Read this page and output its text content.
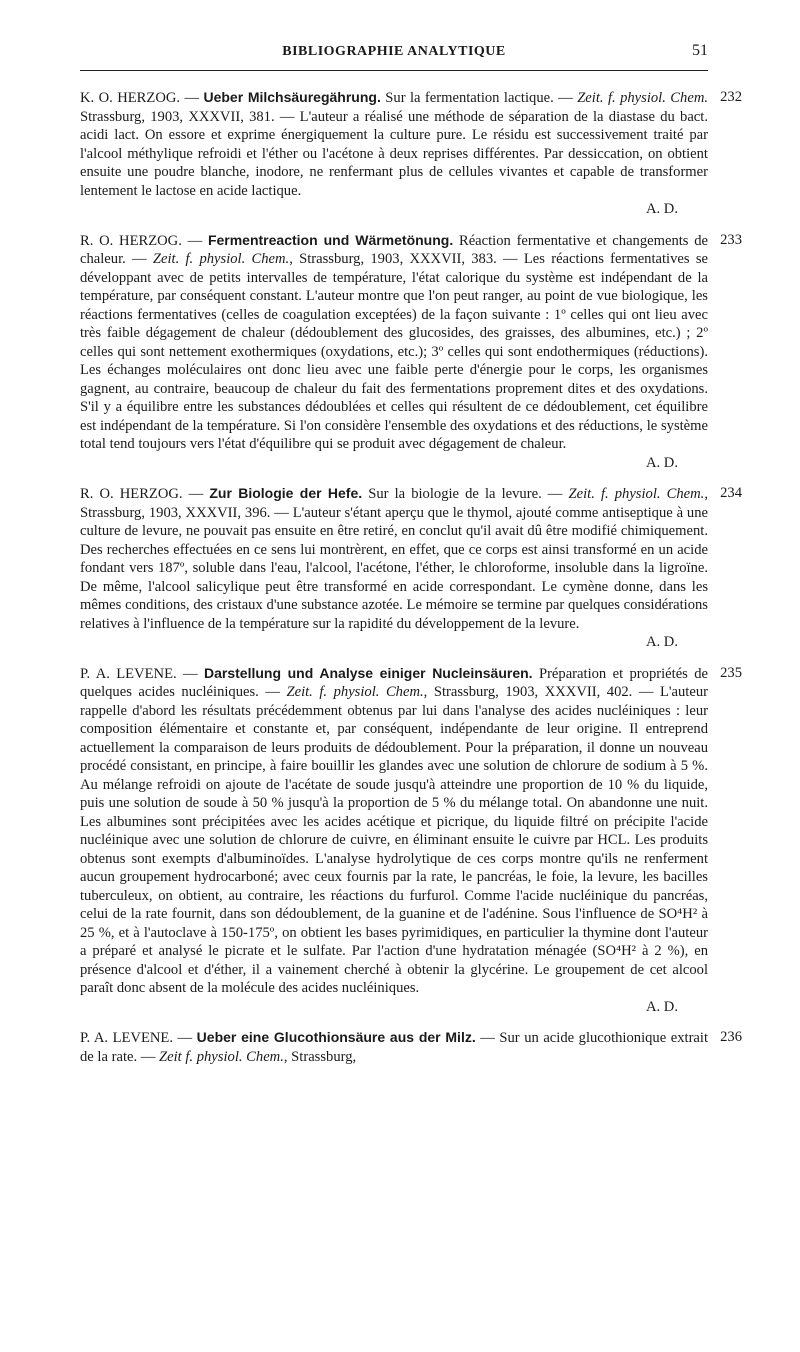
BIBLIOGRAPHIE ANALYTIQUE	51

232
K. O. HERZOG. — Ueber Milchsäuregährung. Sur la fermentation lactique. — Zeit. f. physiol. Chem. Strassburg, 1903, XXXVII, 381. — L'auteur a réalisé une méthode de séparation de la diastase du bact. acidi lact. On essore et exprime énergiquement la culture pure. Le résidu est successivement traité par l'alcool méthylique refroidi et l'éther ou l'acétone à deux reprises différentes. Par dessiccation, on obtient ensuite une poudre blanche, inodore, ne renfermant plus de cellules vivantes et capable de transformer lentement le lactose en acide lactique.

A. D.

233
R. O. HERZOG. — Fermentreaction und Wärmetönung. Réaction fermentative et changements de chaleur. — Zeit. f. physiol. Chem., Strassburg, 1903, XXXVII, 383. — Les réactions fermentatives se développant avec de petits intervalles de température, l'état calorique du système est indépendant de la température, par conséquent constant. L'auteur montre que l'on peut ranger, au point de vue biologique, les réactions fermentatives (celles de coagulation exceptées) de la façon suivante : 1º celles qui ont lieu avec très faible dégagement de chaleur (dédoublement des glucosides, des graisses, des albumines, etc.) ; 2º celles qui sont nettement exothermiques (oxydations, etc.); 3º celles qui sont endothermiques (réductions). Les échanges moléculaires ont donc lieu avec une faible perte d'énergie pour le corps, les organismes gagnent, au contraire, beaucoup de chaleur du fait des fermentations proprement dites et des oxydations. S'il y a équilibre entre les substances dédoublées et celles qui résultent de ce dédoublement, cet équilibre est indépendant de la température. Si l'on considère l'ensemble des oxydations et des réductions, le système total tend toujours vers l'état d'équilibre qui se produit avec dégagement de chaleur.

A. D.

234
R. O. HERZOG. — Zur Biologie der Hefe. Sur la biologie de la levure. — Zeit. f. physiol. Chem., Strassburg, 1903, XXXVII, 396. — L'auteur s'étant aperçu que le thymol, ajouté comme antiseptique à une culture de levure, ne pouvait pas ensuite en être retiré, en conclut qu'il avait dû être modifié chimiquement. Des recherches effectuées en ce sens lui montrèrent, en effet, que ce corps est ainsi transformé en un acide fondant vers 187º, soluble dans l'eau, l'alcool, l'acétone, l'éther, le chloroforme, insoluble dans la ligroïne. De même, l'alcool salicylique peut être transformé en acide correspondant. Le cymène donne, dans les mêmes conditions, des cristaux d'une substance azotée. Le mémoire se termine par quelques considérations relatives à l'influence de la température sur la rapidité du développement de la levure.

A. D.

235
P. A. LEVENE. — Darstellung und Analyse einiger Nucleinsäuren. Préparation et propriétés de quelques acides nucléiniques. — Zeit. f. physiol. Chem., Strassburg, 1903, XXXVII, 402. — L'auteur rappelle d'abord les résultats précédemment obtenus par lui dans l'analyse des acides nucléiniques : leur composition élémentaire et constante et, par conséquent, indépendante de leur origine. Il entreprend actuellement la comparaison de leurs produits de dédoublement. Pour la préparation, il donne un nouveau procédé consistant, en principe, à faire bouillir les glandes avec une solution de chlorure de sodium à 5 %. Au mélange refroidi on ajoute de l'acétate de soude jusqu'à atteindre une proportion de 10 % du liquide, puis une solution de soude à 50 % jusqu'à la proportion de 5 % du mélange total. On abandonne une nuit. Les albumines sont précipitées avec les acides acétique et picrique, du liquide filtré on précipite l'acide nucléinique avec une solution de chlorure de cuivre, en éliminant ensuite le cuivre par HCL. Les produits obtenus sont exempts d'albuminoïdes. L'analyse hydrolytique de ces corps montre qu'ils ne renferment aucun groupement hydrocarboné; avec ceux fournis par la rate, le pancréas, le foie, la levure, les bacilles tuberculeux, on obtient, au contraire, les réactions du furfurol. Comme l'acide nucléinique du pancréas, celui de la rate fournit, dans son dédoublement, de la guanine et de l'adénine. Sous l'influence de SO⁴H² à 25 %, et à l'autoclave à 150-175º, on obtient les bases pyrimidiques, en particulier la thymine dont l'auteur a préparé et analysé le picrate et le sulfate. Par l'action d'une hydratation ménagée (SO⁴H² à 2 %), en présence d'alcool et d'éther, il a vainement cherché à obtenir la glycérine. Le groupement de cet alcool paraît donc absent de la molécule des acides nucléiniques.

A. D.

236
P. A. LEVENE. — Ueber eine Glucothionsäure aus der Milz. — Sur un acide glucothionique extrait de la rate. — Zeit f. physiol. Chem., Strassburg,
